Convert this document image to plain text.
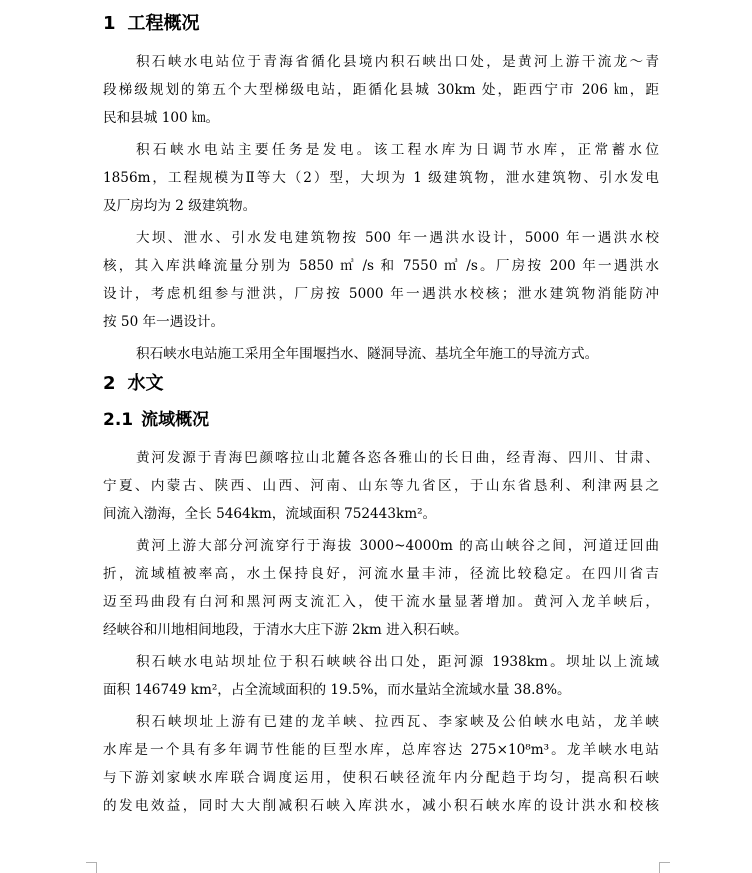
1 工程概况
积石峡水电站位于青海省循化县境内积石峡出口处，是黄河上游干流龙～青
段梯级规划的第五个大型梯级电站，距循化县城 30km 处，距西宁市 206 ㎞，距
民和县城 100 ㎞。
积石峡水电站主要任务是发电。该工程水库为日调节水库，正常蓄水位
1856m，工程规模为Ⅱ等大（2）型，大坝为 1 级建筑物，泄水建筑物、引水发电
及厂房均为 2 级建筑物。
大坝、泄水、引水发电建筑物按 500 年一遇洪水设计，5000 年一遇洪水校
核，其入库洪峰流量分别为 5850 ㎥ /s 和 7550 ㎥ /s。厂房按 200 年一遇洪水
设计，考虑机组参与泄洪，厂房按 5000 年一遇洪水校核；泄水建筑物消能防冲
按 50 年一遇设计。
积石峡水电站施工采用全年围堰挡水、隧洞导流、基坑全年施工的导流方式。
2 水文
2.1 流域概况
黄河发源于青海巴颜喀拉山北麓各恣各雅山的长日曲，经青海、四川、甘肃、
宁夏、内蒙古、陕西、山西、河南、山东等九省区，于山东省恳利、利津两县之
间流入渤海，全长 5464km，流域面积 752443km²。
黄河上游大部分河流穿行于海拔 3000~4000m 的高山峡谷之间，河道迂回曲
折，流域植被率高，水土保持良好，河流水量丰沛，径流比较稳定。在四川省吉
迈至玛曲段有白河和黑河两支流汇入，使干流水量显著增加。黄河入龙羊峡后，
经峡谷和川地相间地段，于清水大庄下游 2km 进入积石峡。
积石峡水电站坝址位于积石峡峡谷出口处，距河源 1938km。坝址以上流域
面积 146749 km²，占全流域面积的 19.5%，而水量站全流域水量 38.8%。
积石峡坝址上游有已建的龙羊峡、拉西瓦、李家峡及公伯峡水电站，龙羊峡
水库是一个具有多年调节性能的巨型水库，总库容达 275×10⁸m³。龙羊峡水电站
与下游刘家峡水库联合调度运用，使积石峡径流年内分配趋于均匀，提高积石峡
的发电效益，同时大大削减积石峡入库洪水，减小积石峡水库的设计洪水和校核
